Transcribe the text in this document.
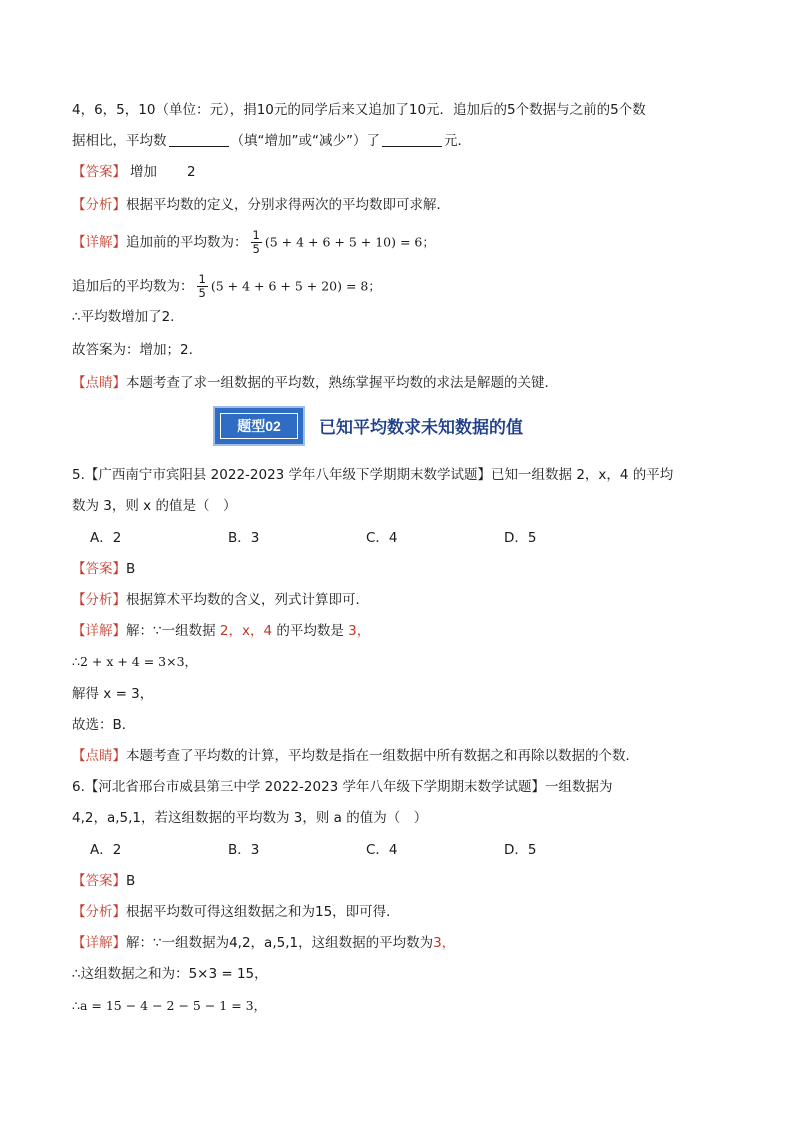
4，6，5，10（单位：元），捐10元的同学后来又追加了10元．追加后的5个数据与之前的5个数
据相比，平均数	（填“增加”或“减少”）了	元．
【答案】 增加 2
【分析】根据平均数的定义，分别求得两次的平均数即可求解．
【详解】追加前的平均数为： $\frac{1}{5} (5 + 4 + 6 + 5 + 10) = 6$；
追加后的平均数为： $\frac{1}{5} (5 + 4 + 6 + 5 + 20) = 8$；
∴平均数增加了2．
故答案为：增加；2．
【点睛】本题考查了求一组数据的平均数，熟练掌握平均数的求法是解题的关键．
题型02	已知平均数求未知数据的值
5.【广西南宁市宾阳县 2022-2023 学年八年级下学期期末数学试题】已知一组数据 2，x，4 的平均
数为 3，则 x 的值是（　）
A．2	B．3	C．4	D．5
【答案】B
【分析】根据算术平均数的含义，列式计算即可．
【详解】解：∵一组数据 2，x，4 的平均数是 3，
∴2 + x + 4 = 3×3，
解得 x = 3，
故选：B．
【点睛】本题考查了平均数的计算，平均数是指在一组数据中所有数据之和再除以数据的个数．
6.【河北省邢台市威县第三中学 2022-2023 学年八年级下学期期末数学试题】一组数据为
4,2，a,5,1，若这组数据的平均数为 3，则 a 的值为（　）
A．2	B．3	C．4	D．5
【答案】B
【分析】根据平均数可得这组数据之和为15，即可得．
【详解】解：∵一组数据为4,2，a,5,1，这组数据的平均数为3，
∴这组数据之和为：5×3 = 15，
∴a = 15 − 4 − 2 − 5 − 1 = 3，
